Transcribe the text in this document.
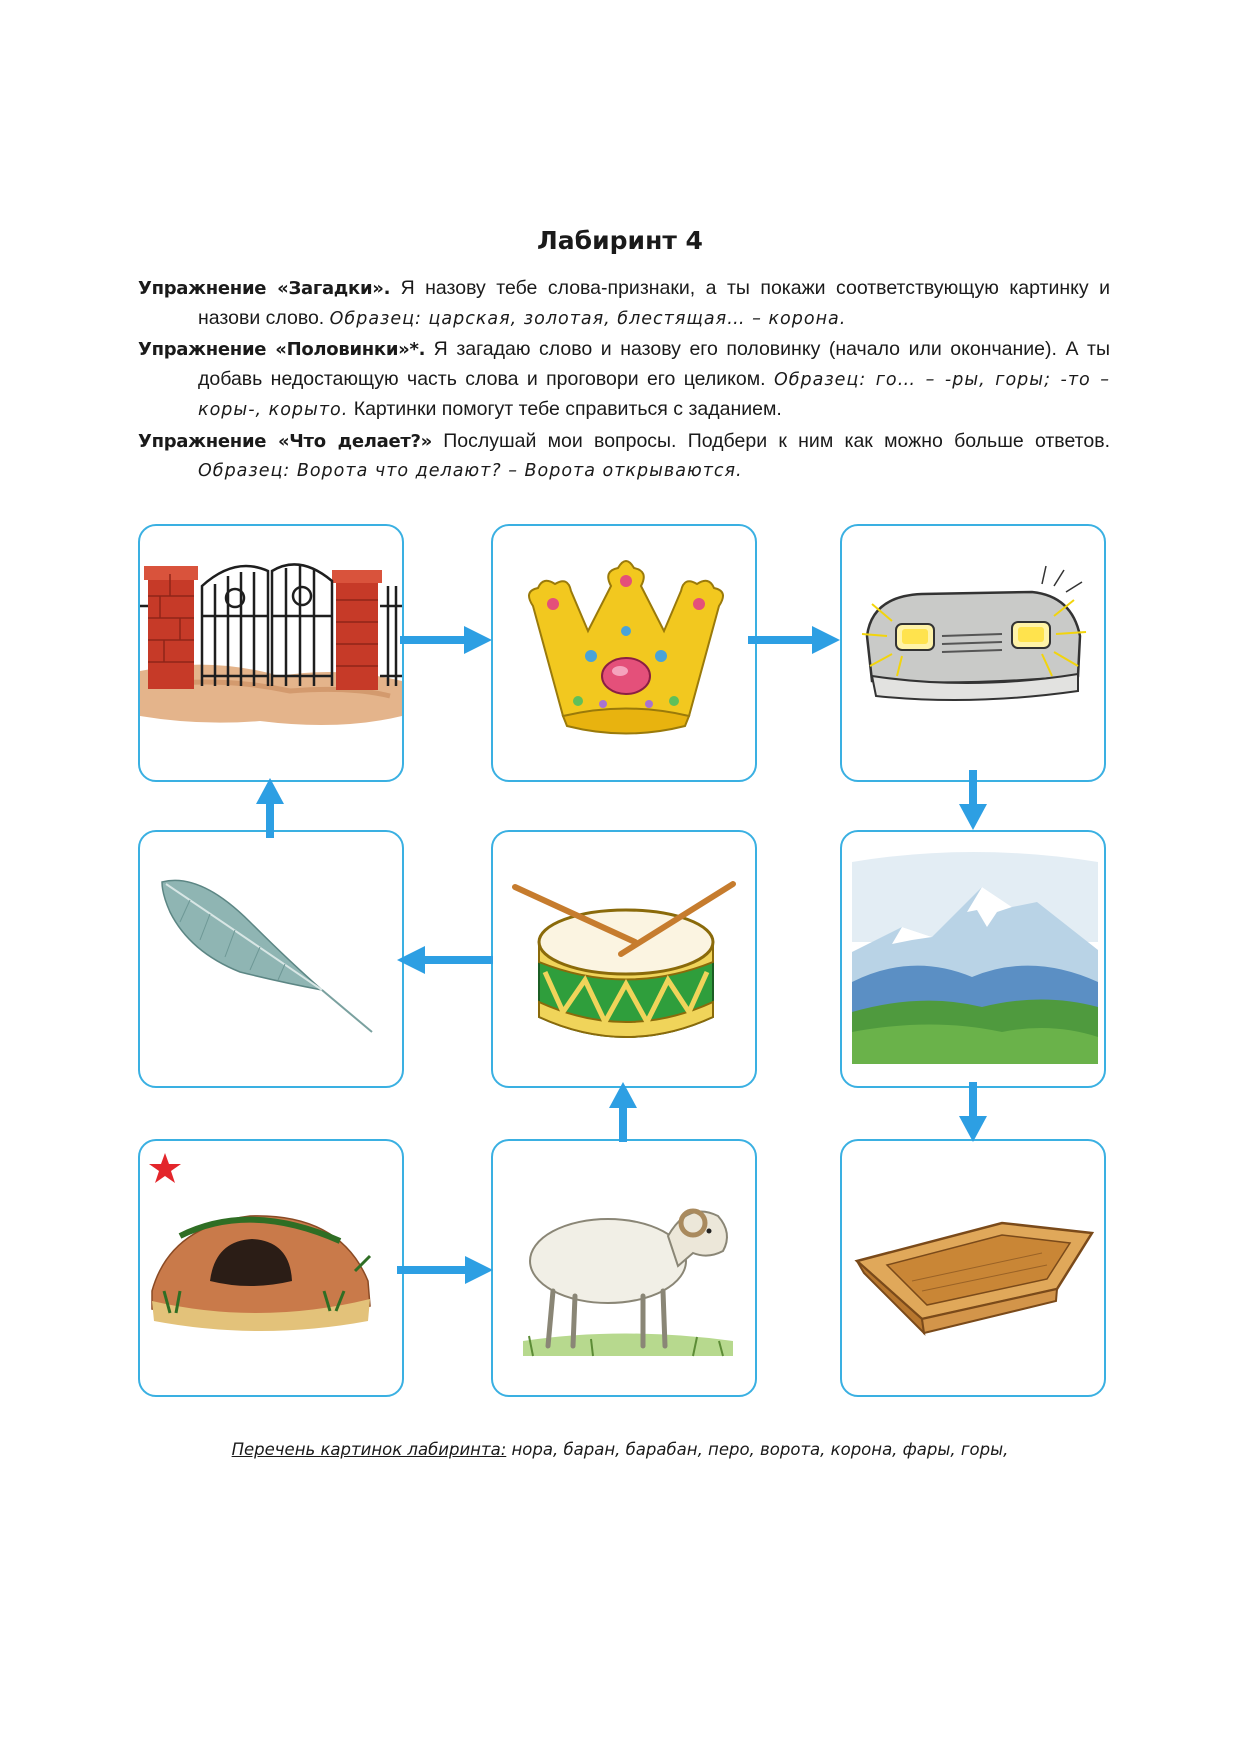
Лабиринт 4

Упражнение «Загадки». Я назову тебе слова-признаки, а ты покажи соответствующую картинку и назови слово. Образец: царская, золотая, блестящая… – корона.

Упражнение «Половинки»*. Я загадаю слово и назову его половинку (начало или окончание). А ты добавь недостающую часть слова и проговори его целиком. Образец: го… – -ры, горы; -то – коры-, корыто. Картинки помогут тебе справиться с заданием.

Упражнение «Что делает?» Послушай мои вопросы. Подбери к ним как можно больше ответов. Образец: Ворота что делают? – Ворота открываются.

Перечень картинок лабиринта: нора, баран, барабан, перо, ворота, корона, фары, горы,
